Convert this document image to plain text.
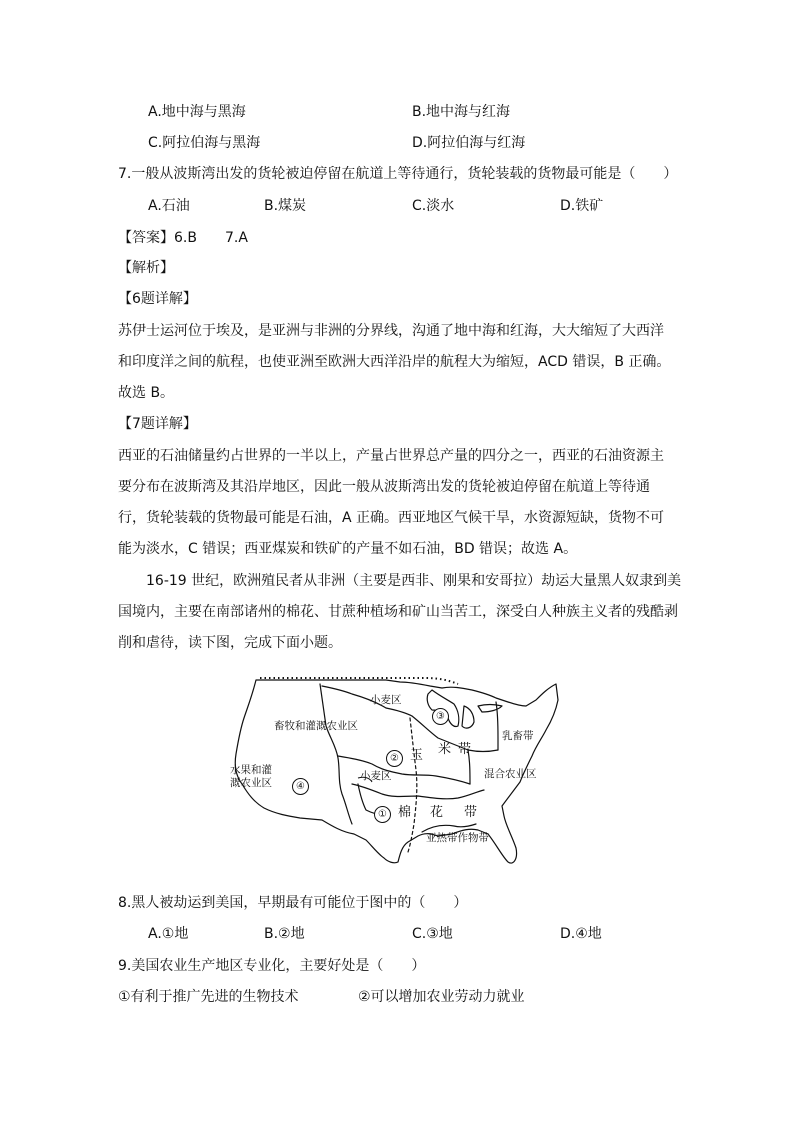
A.地中海与黑海	B.地中海与红海
C.阿拉伯海与黑海	D.阿拉伯海与红海
7.一般从波斯湾出发的货轮被迫停留在航道上等待通行，货轮装载的货物最可能是（　　）
A.石油	B.煤炭	C.淡水	D.铁矿
【答案】6.B　　7.A
【解析】
【6题详解】
苏伊士运河位于埃及，是亚洲与非洲的分界线，沟通了地中海和红海，大大缩短了大西洋
和印度洋之间的航程，也使亚洲至欧洲大西洋沿岸的航程大为缩短，ACD 错误，B 正确。
故选 B。
【7题详解】
西亚的石油储量约占世界的一半以上，产量占世界总产量的四分之一，西亚的石油资源主
要分布在波斯湾及其沿岸地区，因此一般从波斯湾出发的货轮被迫停留在航道上等待通
行，货轮装载的货物最可能是石油，A 正确。西亚地区气候干旱，水资源短缺，货物不可
能为淡水，C 错误；西亚煤炭和铁矿的产量不如石油，BD 错误；故选 A。
16-19 世纪，欧洲殖民者从非洲（主要是西非、刚果和安哥拉）劫运大量黑人奴隶到美
国境内，主要在南部诸州的棉花、甘蔗种植场和矿山当苦工，深受白人种族主义者的残酷剥
削和虐待，读下图，完成下面小题。
小麦区
③
畜牧和灌溉农业区
乳畜带
② 玉 米 带
水果和灌
溉农业区	④
小麦区	混合农业区
① 棉 花 带
亚热带作物带
8.黑人被劫运到美国，早期最有可能位于图中的（　　）
A.①地	B.②地	C.③地	D.④地
9.美国农业生产地区专业化，主要好处是（　　）
①有利于推广先进的生物技术	②可以增加农业劳动力就业
